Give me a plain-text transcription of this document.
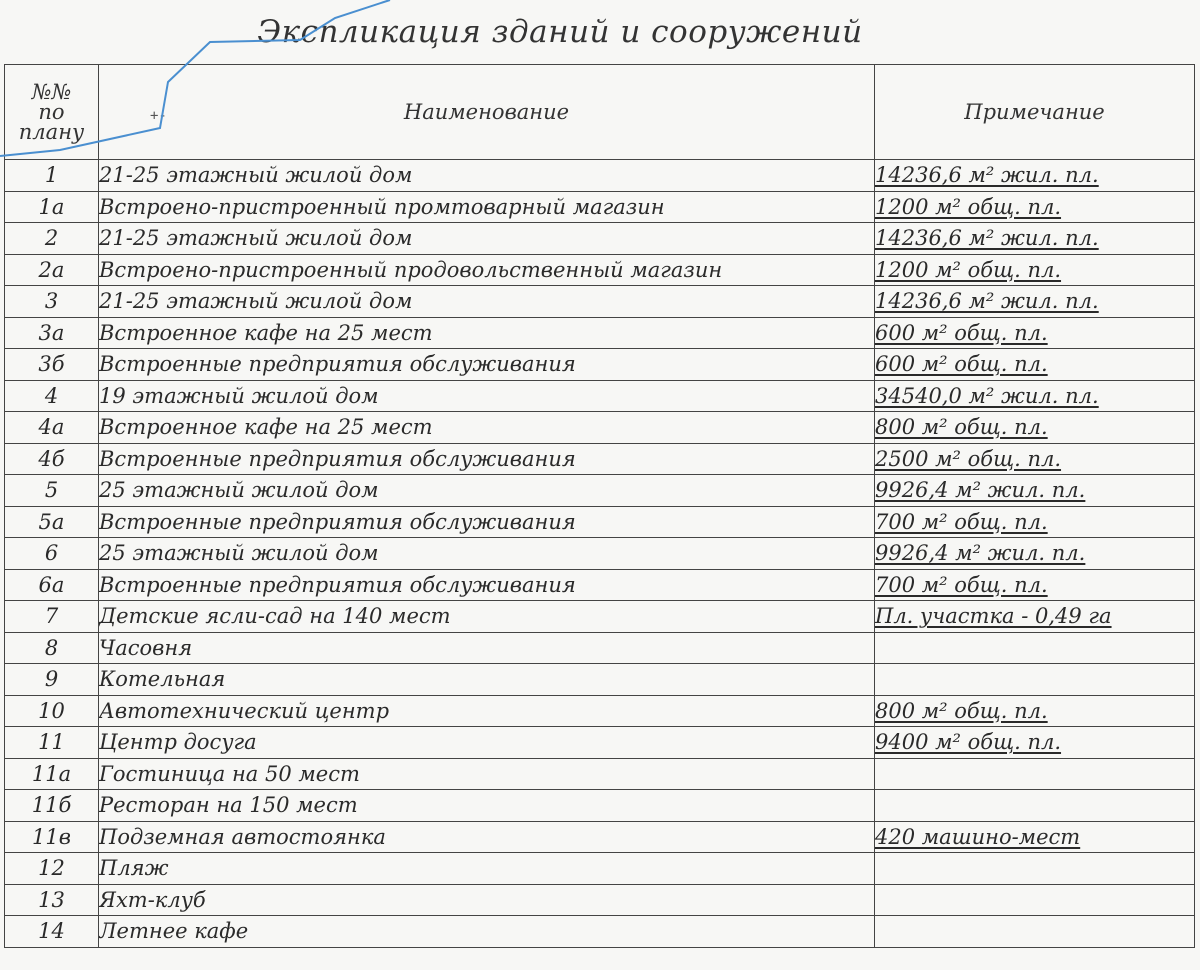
Экспликация зданий и сооружений
№№
по
плану	Наименование	Примечание
1	21-25 этажный жилой дом	14236,6 м² жил. пл.
1а	Встроено-пристроенный промтоварный магазин	1200 м² общ. пл.
2	21-25 этажный жилой дом	14236,6 м² жил. пл.
2а	Встроено-пристроенный продовольственный магазин	1200 м² общ. пл.
3	21-25 этажный жилой дом	14236,6 м² жил. пл.
3а	Встроенное кафе на 25 мест	600 м² общ. пл.
3б	Встроенные предприятия обслуживания	600 м² общ. пл.
4	19 этажный жилой дом	34540,0 м² жил. пл.
4а	Встроенное кафе на 25 мест	800 м² общ. пл.
4б	Встроенные предприятия обслуживания	2500 м² общ. пл.
5	25 этажный жилой дом	9926,4 м² жил. пл.
5а	Встроенные предприятия обслуживания	700 м² общ. пл.
6	25 этажный жилой дом	9926,4 м² жил. пл.
6а	Встроенные предприятия обслуживания	700 м² общ. пл.
7	Детские ясли-сад на 140 мест	Пл. участка - 0,49 га
8	Часовня	
9	Котельная	
10	Автотехнический центр	800 м² общ. пл.
11	Центр досуга	9400 м² общ. пл.
11а	Гостиница на 50 мест	
11б	Ресторан на 150 мест	
11в	Подземная автостоянка	420 машино-мест
12	Пляж	
13	Яхт-клуб	
14	Летнее кафе	
+-
